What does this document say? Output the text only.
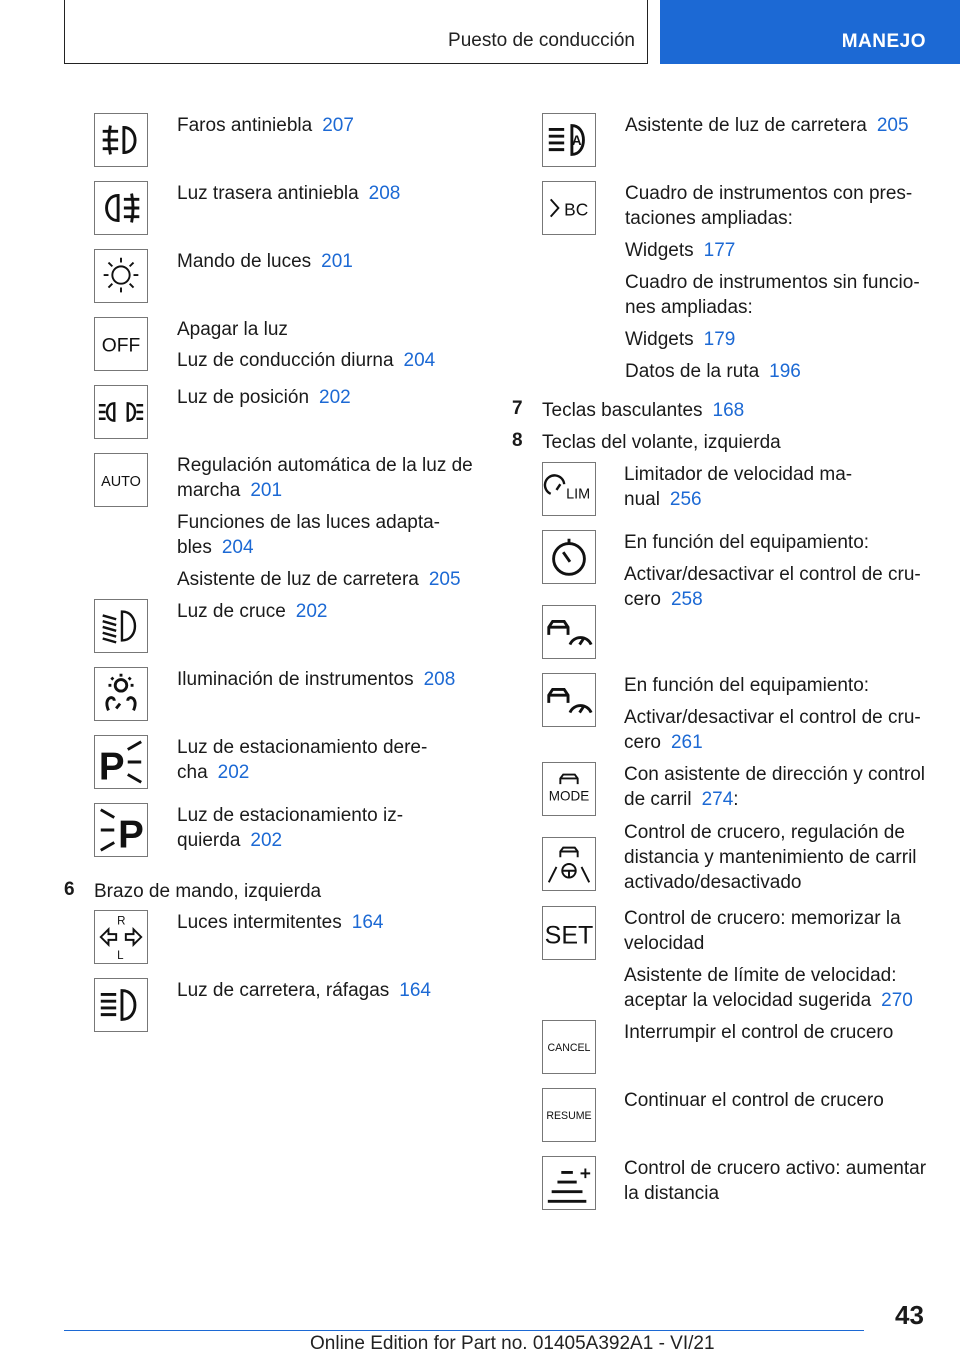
Puesto de conducción	MANEJO
Faros antiniebla 207
Luz trasera antiniebla 208
Mando de luces 201
OFF
Apagar la luz
Luz de conducción diurna 204
Luz de posición 202
AUTO
Regulación automática de la luz de
marcha 201
Funciones de las luces adapta-
bles 204
Asistente de luz de carretera 205
Luz de cruce 202
Iluminación de instrumentos 208
P	Luz de estacionamiento dere-
cha 202
P Luz de estacionamiento iz-
quierda 202
6 Brazo de mando, izquierda
R
L
Luces intermitentes 164
Luz de carretera, ráfagas 164
A
Asistente de luz de carretera 205
BC
Cuadro de instrumentos con pres-
taciones ampliadas:
Widgets 177
Cuadro de instrumentos sin funcio-
nes ampliadas:
Widgets 179
Datos de la ruta 196
7 Teclas basculantes 168
8 Teclas del volante, izquierda
LIM
Limitador de velocidad ma-
nual 256
En función del equipamiento:
Activar/desactivar el control de cru-
cero 258
En función del equipamiento:
Activar/desactivar el control de cru-
cero 261
MODE
Con asistente de dirección y control
de carril 274:
Control de crucero, regulación de
distancia y mantenimiento de carril
activado/desactivado
SET
Control de crucero: memorizar la
velocidad
Asistente de límite de velocidad:
aceptar la velocidad sugerida 270
CANCEL
Interrumpir el control de crucero
RESUME
Continuar el control de crucero
Control de crucero activo: aumentar
la distancia
43
Online Edition for Part no. 01405A392A1 - VI/21
